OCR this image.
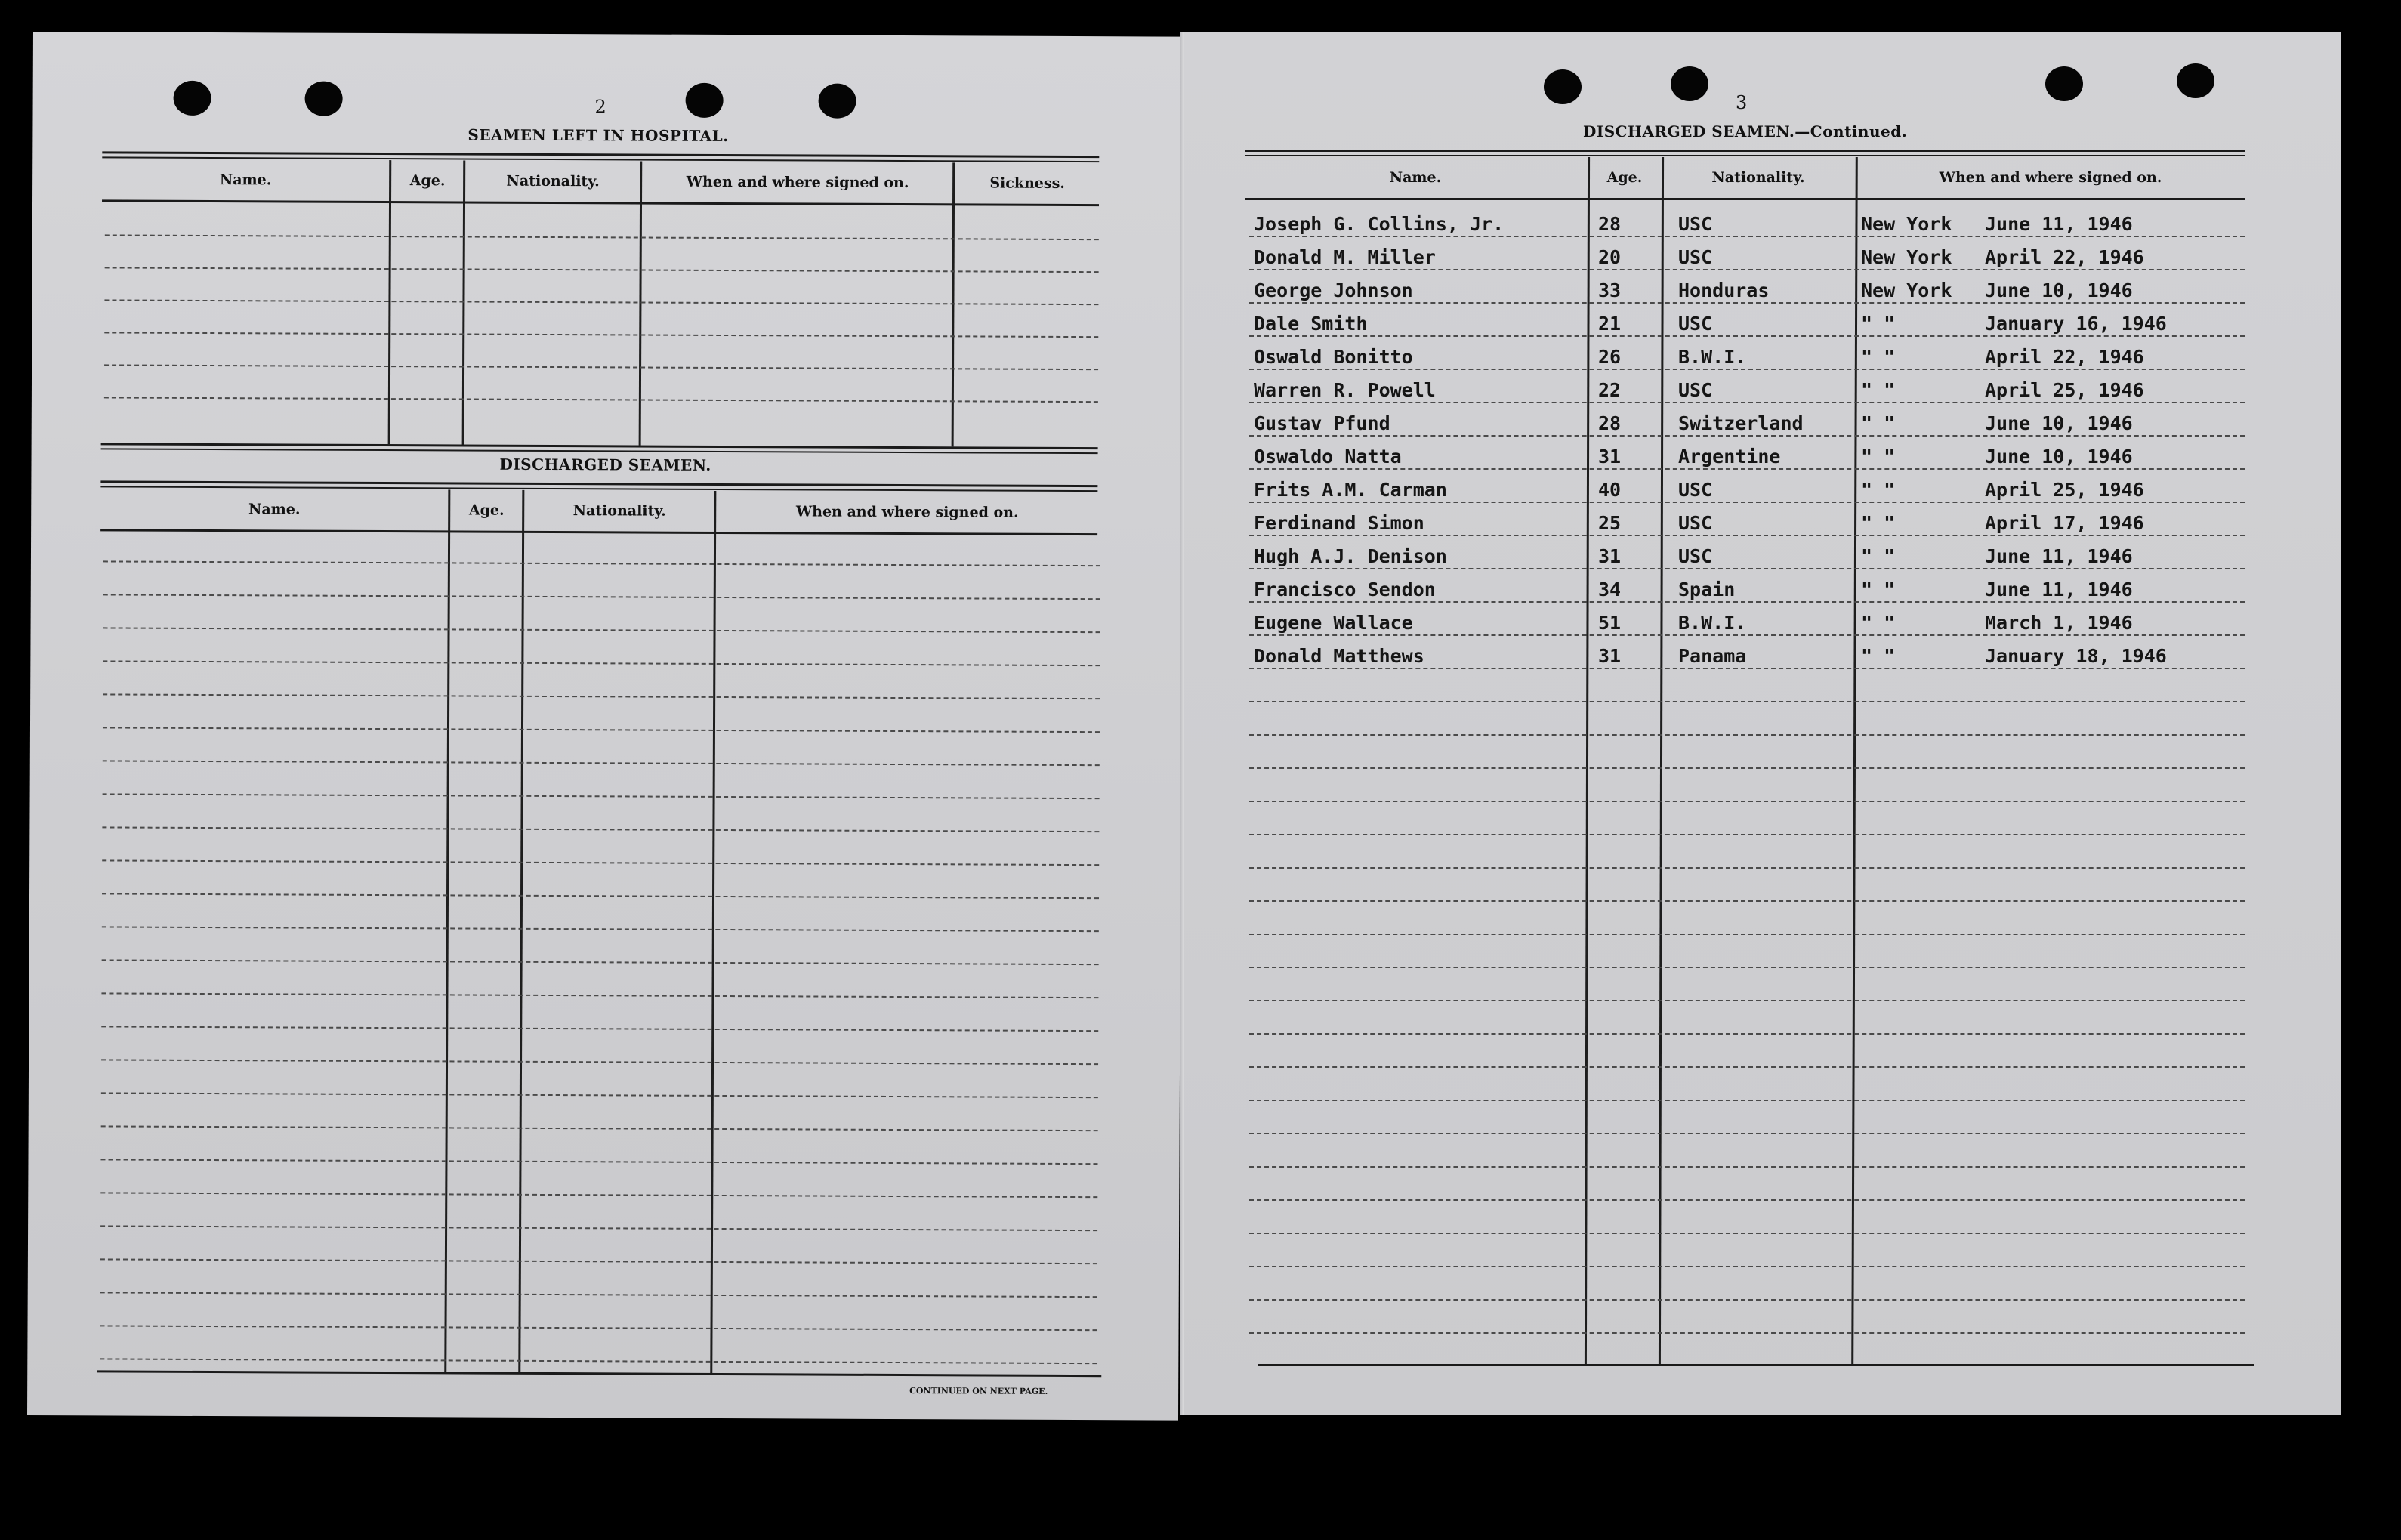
2
SEAMEN LEFT IN HOSPITAL.
Name.	Age.	Nationality.	When and where signed on.	Sickness.
DISCHARGED SEAMEN.
Name.	Age.	Nationality.	When and where signed on.
CONTINUED ON NEXT PAGE.
3
DISCHARGED SEAMEN.—Continued.
Name.	Age.	Nationality.	When and where signed on.
Joseph G. Collins, Jr.	28	USC	New York June 11, 1946
Donald M. Miller	20	USC	New York April 22, 1946
George Johnson	33	Honduras	New York June 10, 1946
Dale Smith	21	USC	" "	January 16, 1946
Oswald Bonitto	26	B.W.I.	" "	April 22, 1946
Warren R. Powell	22	USC	" "	April 25, 1946
Gustav Pfund	28	Switzerland	" "	June 10, 1946
Oswaldo Natta	31	Argentine	" "	June 10, 1946
Frits A.M. Carman	40	USC	" "	April 25, 1946
Ferdinand Simon	25	USC	" "	April 17, 1946
Hugh A.J. Denison	31	USC	" "	June 11, 1946
Francisco Sendon	34	Spain	" "	June 11, 1946
Eugene Wallace	51	B.W.I.	" "	March 1, 1946
Donald Matthews	31	Panama	" "	January 18, 1946
